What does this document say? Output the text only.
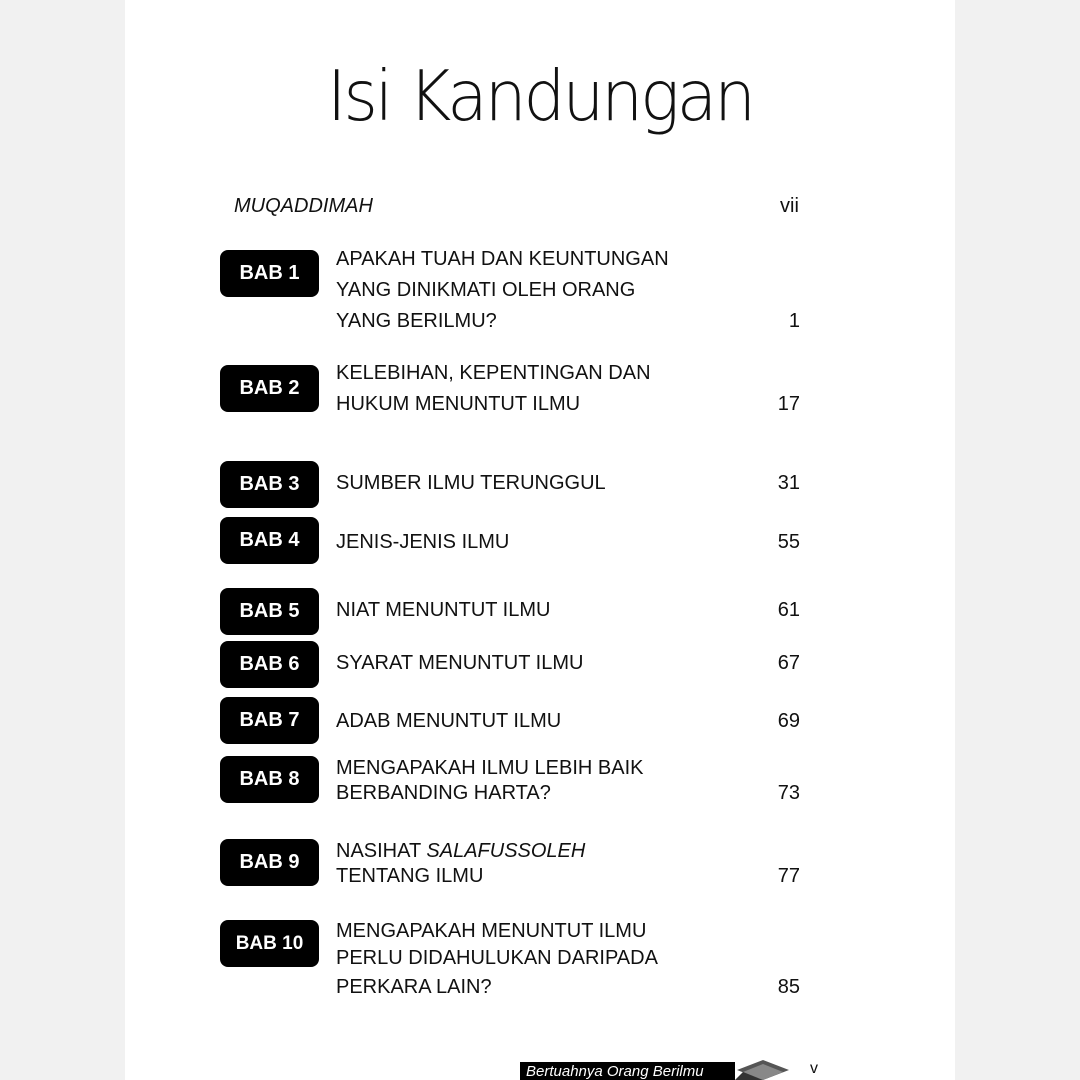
Isi Kandungan
MUQADDIMAH	vii
BAB 1
APAKAH TUAH DAN KEUNTUNGAN
YANG DINIKMATI OLEH ORANG
YANG BERILMU?	1
BAB 2
KELEBIHAN, KEPENTINGAN DAN
HUKUM MENUNTUT ILMU	17
BAB 3	SUMBER ILMU TERUNGGUL	31
BAB 4	JENIS-JENIS ILMU	55
BAB 5	NIAT MENUNTUT ILMU	61
BAB 6	SYARAT MENUNTUT ILMU	67
BAB 7	ADAB MENUNTUT ILMU	69
BAB 8	MENGAPAKAH ILMU LEBIH BAIK
BERBANDING HARTA?	73
BAB 9	NASIHAT SALAFUSSOLEH
TENTANG ILMU	77
BAB 10
MENGAPAKAH MENUNTUT ILMU
PERLU DIDAHULUKAN DARIPADA
PERKARA LAIN?	85
Bertuahnya Orang Berilmu	v
